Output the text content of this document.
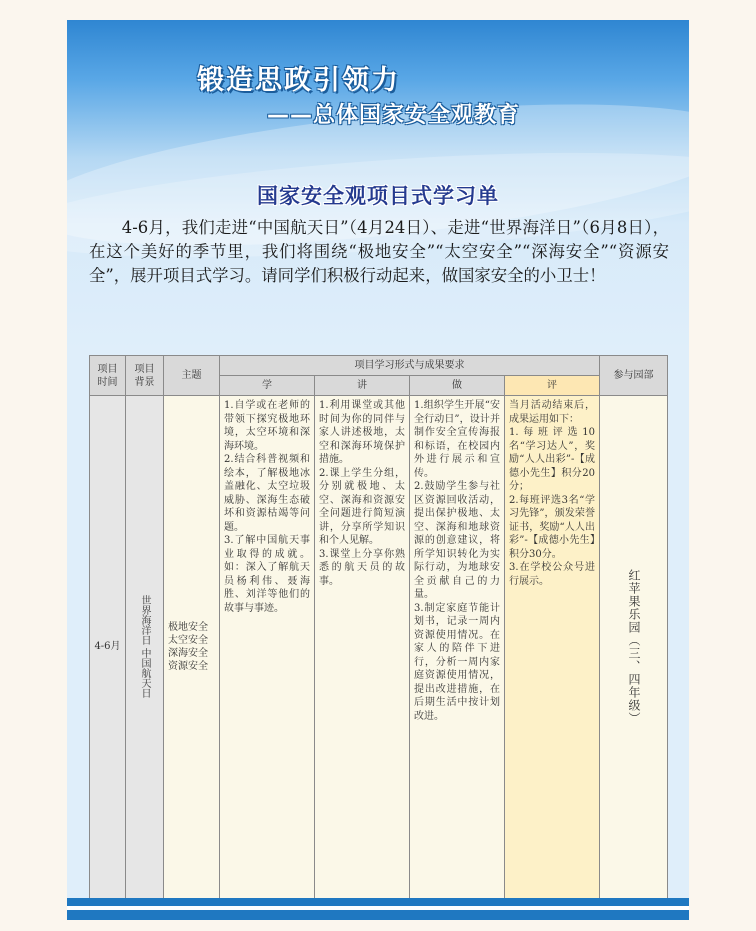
锻造思政引领力
——总体国家安全观教育
国家安全观项目式学习单

4-6月，我们走进“中国航天日”（4月24日）、走进“世界海洋日”（6月8日），在这个美好的季节里，我们将围绕“极地安全”“太空安全”“深海安全”“资源安全”，展开项目式学习。请同学们积极行动起来，做国家安全的小卫士！

项目
时间	项目
背景	主题	项目学习形式与成果要求				参与园部
			学	讲	做	评	
4-6月	世界海洋日 中国航天日	极地安全
太空安全
深海安全
资源安全	1.自学或在老师的带领下探究极地环境，太空环境和深海环境。
2.结合科普视频和绘本，了解极地冰盖融化、太空垃圾威胁、深海生态破坏和资源枯竭等问题。
3.了解中国航天事业取得的成就。如：深入了解航天员杨利伟、聂海胜、刘洋等他们的故事与事迹。	1.利用课堂或其他时间为你的同伴与家人讲述极地，太空和深海环境保护措施。
2.课上学生分组，分别就极地、太空、深海和资源安全问题进行简短演讲，分享所学知识和个人见解。
3.课堂上分享你熟悉的航天员的故事。	1.组织学生开展“安全行动日”，设计并制作安全宣传海报和标语，在校园内外进行展示和宣传。
2.鼓励学生参与社区资源回收活动，提出保护极地、太空、深海和地球资源的创意建议，将所学知识转化为实际行动，为地球安全贡献自己的力量。
3.制定家庭节能计划书，记录一周内资源使用情况。在家人的陪伴下进行，分析一周内家庭资源使用情况，提出改进措施，在后期生活中按计划改进。	当月活动结束后，成果运用如下：
1.每班评选10名“学习达人”，奖励“人人出彩”-【成德小先生】积分20分；
2.每班评选3名“学习先锋”，颁发荣誉证书，奖励“人人出彩”-【成德小先生】积分30分。
3.在学校公众号进行展示。	红苹果乐园（三、四年级）
